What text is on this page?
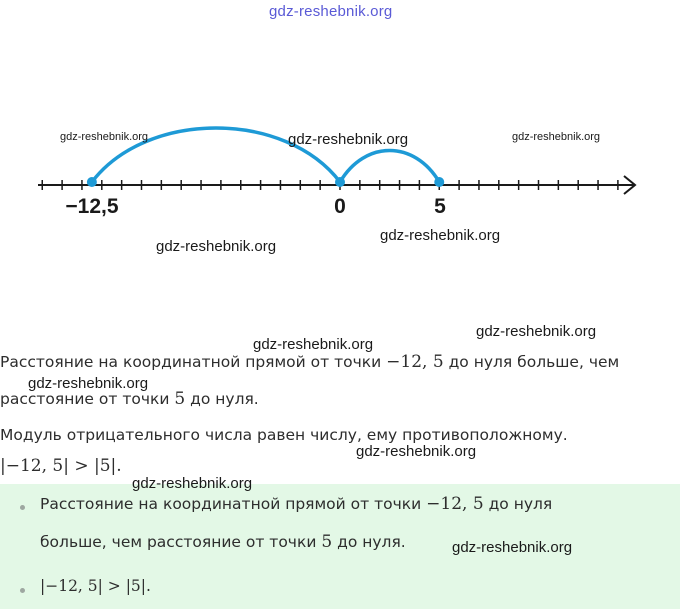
−12,5	0	5
gdz-reshebnik.org
gdz-reshebnik.org	gdz-reshebnik.org	gdz-reshebnik.org
gdz-reshebnik.org
gdz-reshebnik.org
gdz-reshebnik.org
gdz-reshebnik.org
gdz-reshebnik.org
gdz-reshebnik.org
gdz-reshebnik.org
gdz-reshebnik.org
Расстояние на координатной прямой от точки −12, 5 до нуля больше, чем
расстояние от точки 5 до нуля.
Модуль отрицательного числа равен числу, ему противоположному.
|−12, 5| > |5|.
Расстояние на координатной прямой от точки −12, 5 до нуля
больше, чем расстояние от точки 5 до нуля.
|−12, 5| > |5|.
